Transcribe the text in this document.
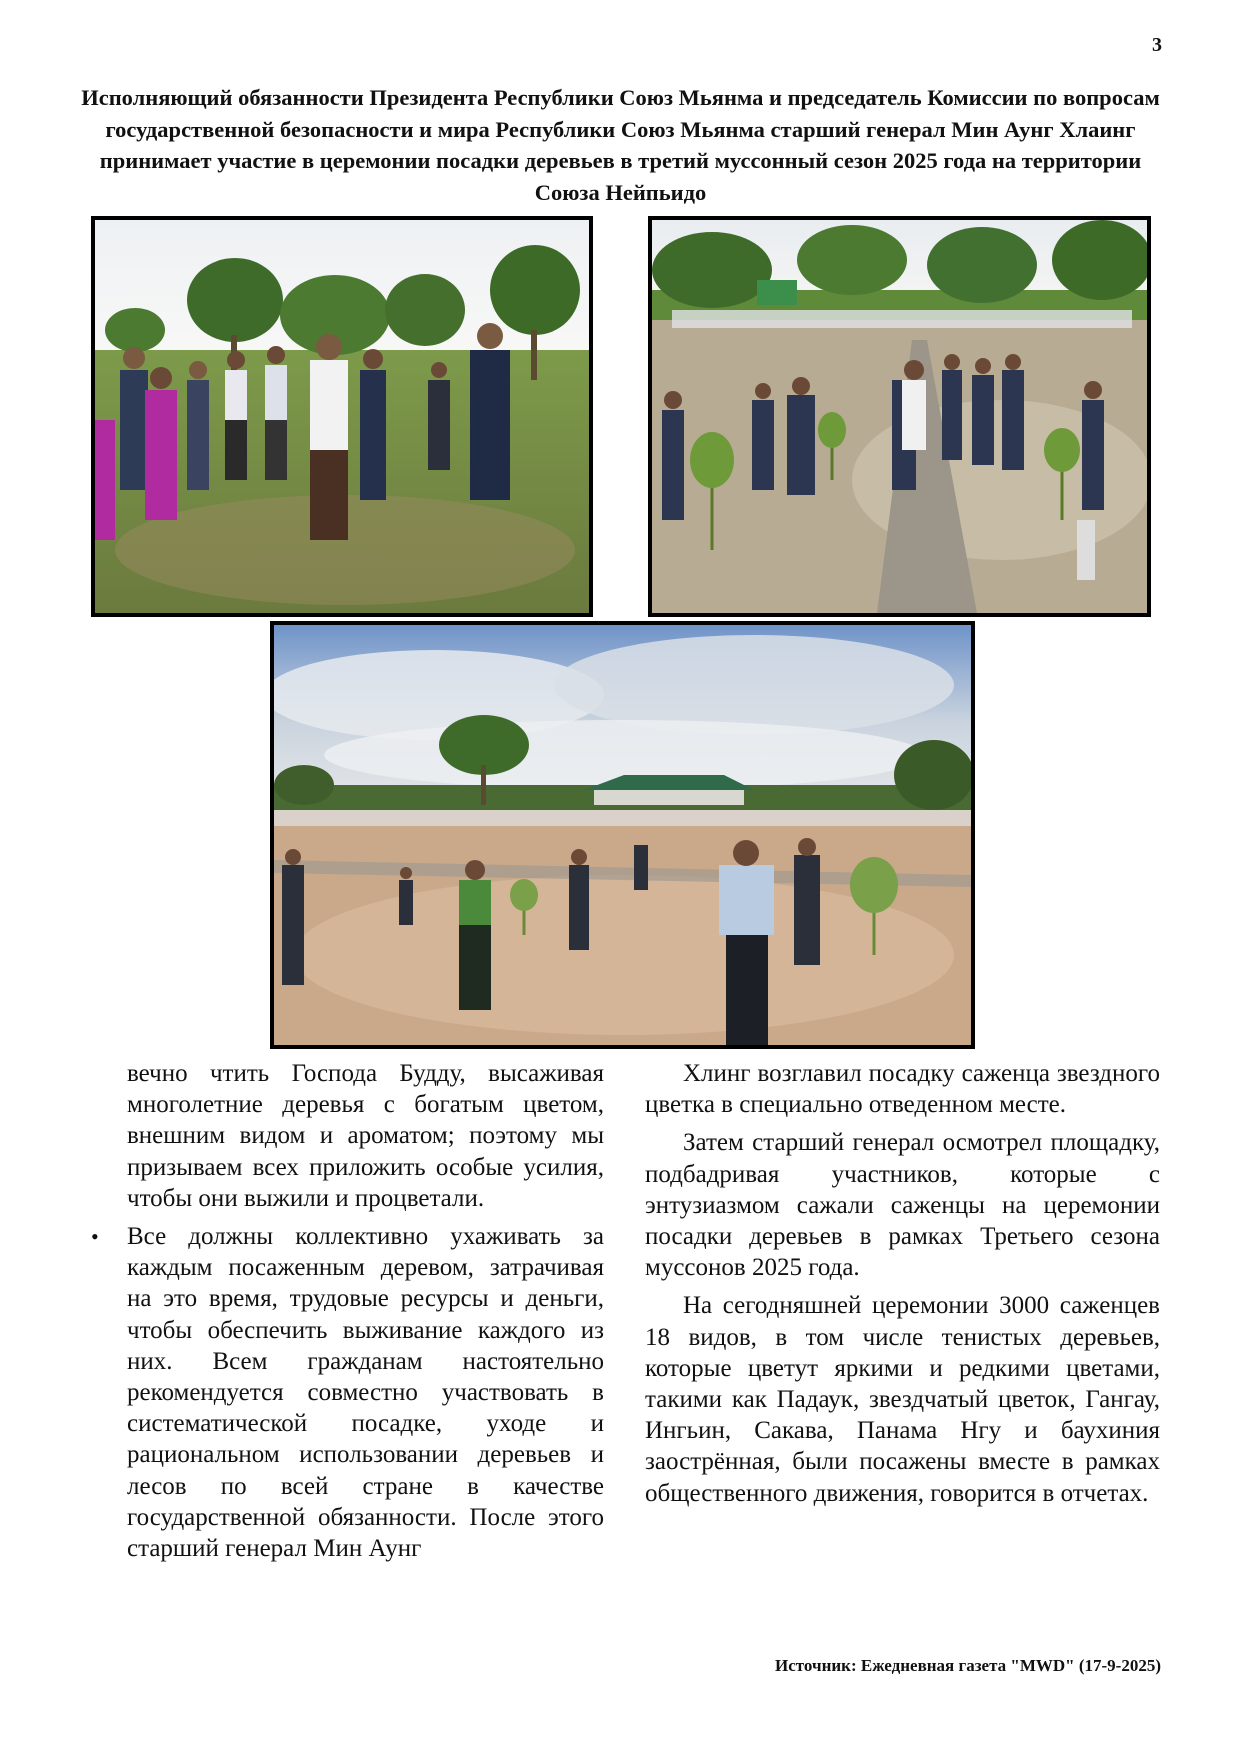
3
Исполняющий обязанности Президента Республики Союз Мьянма и председатель Комиссии по вопросам государственной безопасности и мира Республики Союз Мьянма старший генерал Мин Аунг Хлаинг принимает участие в церемонии посадки деревьев в третий муссонный сезон 2025 года на территории Союза Нейпьидо

вечно чтить Господа Будду, высаживая многолетние деревья с богатым цветом, внешним видом и ароматом; поэтому мы призываем всех приложить особые усилия, чтобы они выжили и процветали.

• Все должны коллективно ухаживать за каждым посаженным деревом, затрачивая на это время, трудовые ресурсы и деньги, чтобы обеспечить выживание каждого из них. Всем гражданам настоятельно рекомендуется совместно участвовать в систематической посадке, уходе и рациональном использовании деревьев и лесов по всей стране в качестве государственной обязанности. После этого старший генерал Мин Аунг

Хлинг возглавил посадку саженца звездного цветка в специально отведенном месте.

Затем старший генерал осмотрел площадку, подбадривая участников, которые с энтузиазмом сажали саженцы на церемонии посадки деревьев в рамках Третьего сезона муссонов 2025 года.

На сегодняшней церемонии 3000 саженцев 18 видов, в том числе тенистых деревьев, которые цветут яркими и редкими цветами, такими как Падаук, звездчатый цветок, Гангау, Ингьин, Сакава, Панама Нгу и баухиния заострённая, были посажены вместе в рамках общественного движения, говорится в отчетах.

Источник: Ежедневная газета "MWD" (17-9-2025)
